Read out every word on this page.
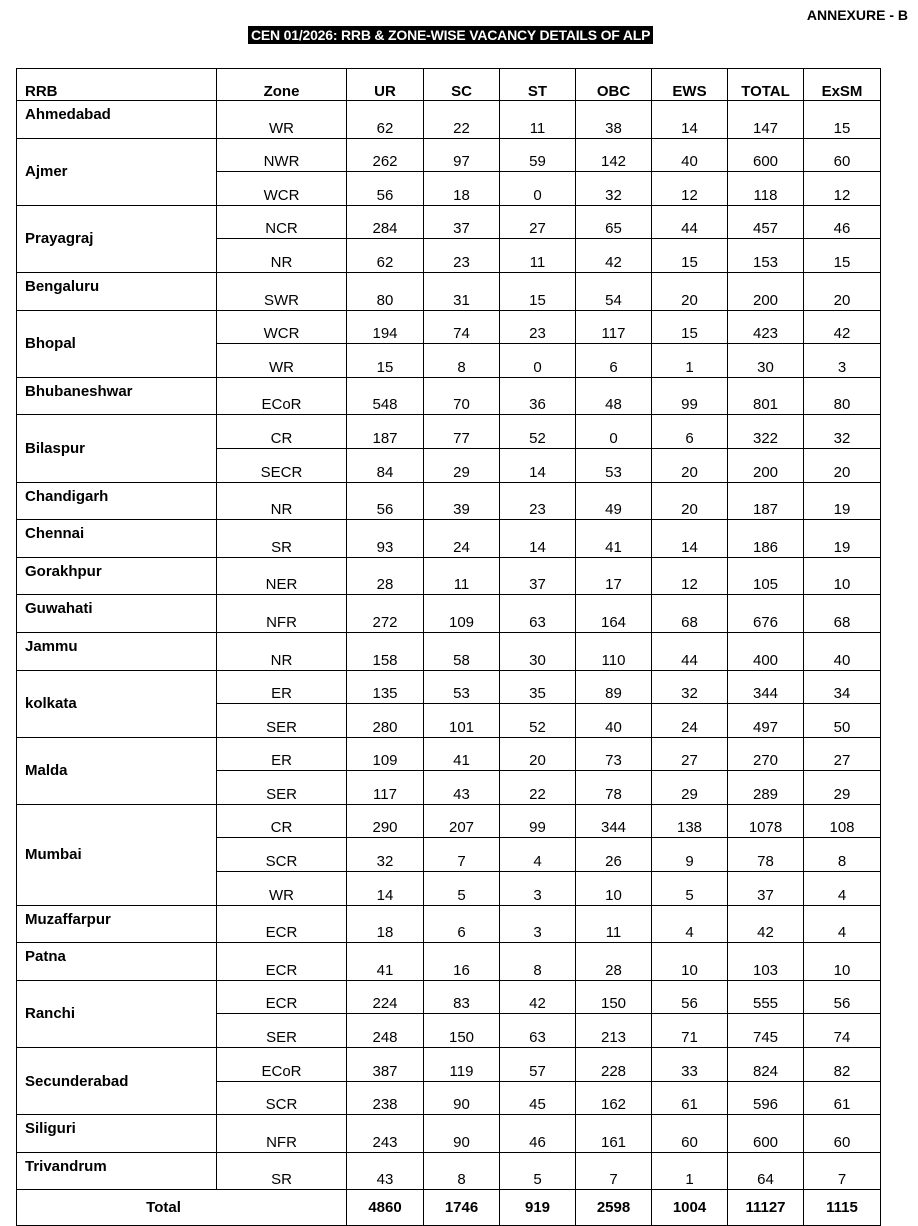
ANNEXURE - B
CEN 01/2026: RRB & ZONE-WISE VACANCY DETAILS OF ALP
RRB	Zone	UR	SC	ST	OBC	EWS	TOTAL	ExSM
Ahmedabad	WR	62	22	11	38	14	147	15
Ajmer	NWR	262	97	59	142	40	600	60
	WCR	56	18	0	32	12	118	12
Prayagraj	NCR	284	37	27	65	44	457	46
	NR	62	23	11	42	15	153	15
Bengaluru	SWR	80	31	15	54	20	200	20
Bhopal	WCR	194	74	23	117	15	423	42
	WR	15	8	0	6	1	30	3
Bhubaneshwar	ECoR	548	70	36	48	99	801	80
Bilaspur	CR	187	77	52	0	6	322	32
	SECR	84	29	14	53	20	200	20
Chandigarh	NR	56	39	23	49	20	187	19
Chennai	SR	93	24	14	41	14	186	19
Gorakhpur	NER	28	11	37	17	12	105	10
Guwahati	NFR	272	109	63	164	68	676	68
Jammu	NR	158	58	30	110	44	400	40
kolkata	ER	135	53	35	89	32	344	34
	SER	280	101	52	40	24	497	50
Malda	ER	109	41	20	73	27	270	27
	SER	117	43	22	78	29	289	29
Mumbai	CR	290	207	99	344	138	1078	108
	SCR	32	7	4	26	9	78	8
	WR	14	5	3	10	5	37	4
Muzaffarpur	ECR	18	6	3	11	4	42	4
Patna	ECR	41	16	8	28	10	103	10
Ranchi	ECR	224	83	42	150	56	555	56
	SER	248	150	63	213	71	745	74
Secunderabad	ECoR	387	119	57	228	33	824	82
	SCR	238	90	45	162	61	596	61
Siliguri	NFR	243	90	46	161	60	600	60
Trivandrum	SR	43	8	5	7	1	64	7
Total		4860	1746	919	2598	1004	11127	1115
